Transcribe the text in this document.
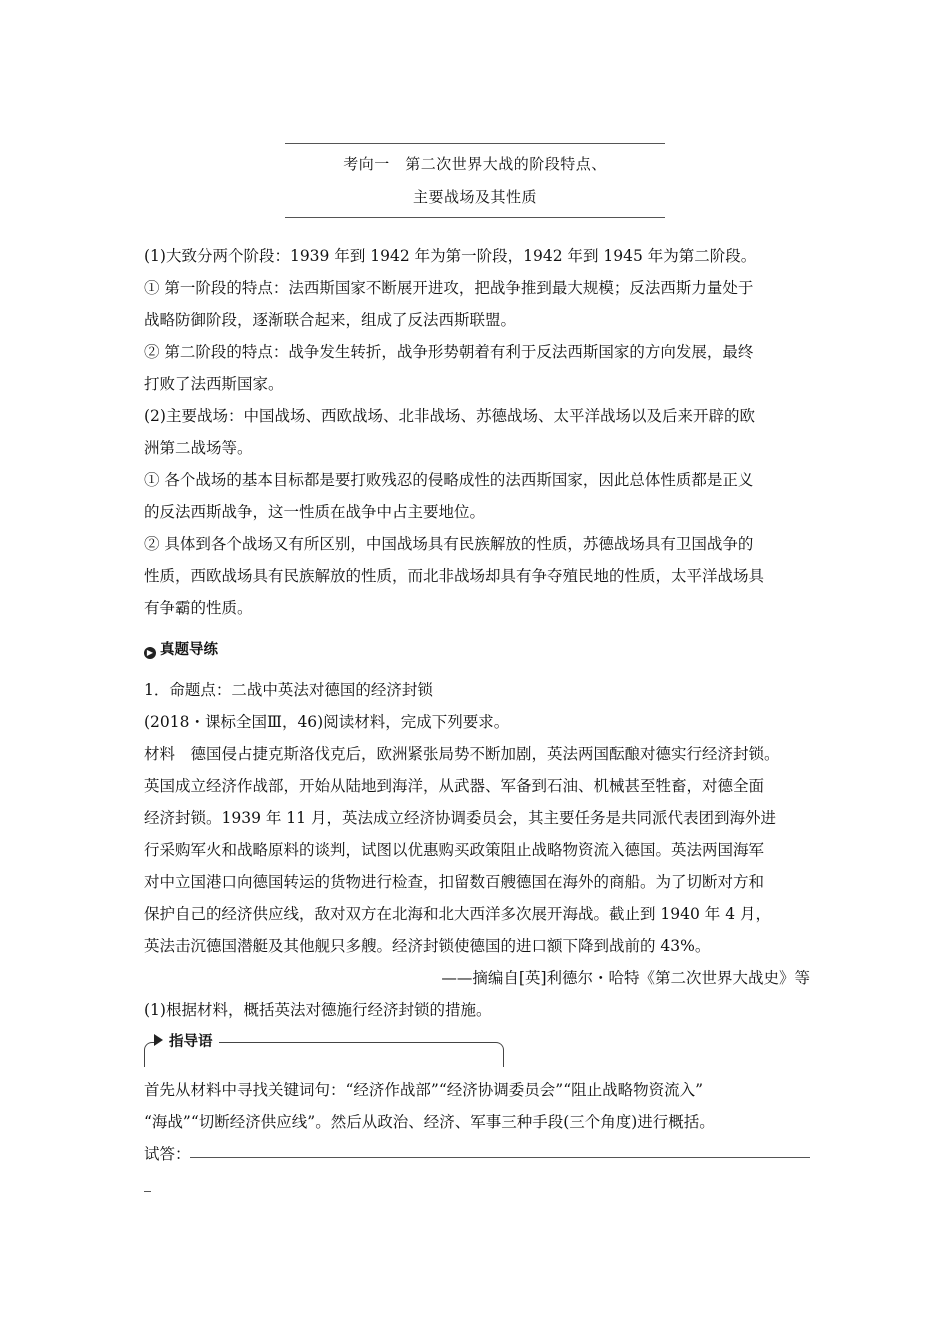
考向一　第二次世界大战的阶段特点、
主要战场及其性质
(1)大致分两个阶段：1939 年到 1942 年为第一阶段，1942 年到 1945 年为第二阶段。
① 第一阶段的特点：法西斯国家不断展开进攻，把战争推到最大规模；反法西斯力量处于
战略防御阶段，逐渐联合起来，组成了反法西斯联盟。
② 第二阶段的特点：战争发生转折，战争形势朝着有利于反法西斯国家的方向发展，最终
打败了法西斯国家。
(2)主要战场：中国战场、西欧战场、北非战场、苏德战场、太平洋战场以及后来开辟的欧
洲第二战场等。
① 各个战场的基本目标都是要打败残忍的侵略成性的法西斯国家，因此总体性质都是正义
的反法西斯战争，这一性质在战争中占主要地位。
② 具体到各个战场又有所区别，中国战场具有民族解放的性质，苏德战场具有卫国战争的
性质，西欧战场具有民族解放的性质，而北非战场却具有争夺殖民地的性质，太平洋战场具
有争霸的性质。
▶ 真题导练
1．命题点：二战中英法对德国的经济封锁
(2018・课标全国Ⅲ，46)阅读材料，完成下列要求。
材料　德国侵占捷克斯洛伐克后，欧洲紧张局势不断加剧，英法两国酝酿对德实行经济封锁。
英国成立经济作战部，开始从陆地到海洋，从武器、军备到石油、机械甚至牲畜，对德全面
经济封锁。1939 年 11 月，英法成立经济协调委员会，其主要任务是共同派代表团到海外进
行采购军火和战略原料的谈判，试图以优惠购买政策阻止战略物资流入德国。英法两国海军
对中立国港口向德国转运的货物进行检查，扣留数百艘德国在海外的商船。为了切断对方和
保护自己的经济供应线，敌对双方在北海和北大西洋多次展开海战。截止到 1940 年 4 月，
英法击沉德国潜艇及其他舰只多艘。经济封锁使德国的进口额下降到战前的 43%。
——摘编自[英]利德尔・哈特《第二次世界大战史》等
(1)根据材料，概括英法对德施行经济封锁的措施。
指导语
首先从材料中寻找关键词句：“经济作战部”“经济协调委员会”“阻止战略物资流入”
“海战”“切断经济供应线”。然后从政治、经济、军事三种手段(三个角度)进行概括。
试答：
